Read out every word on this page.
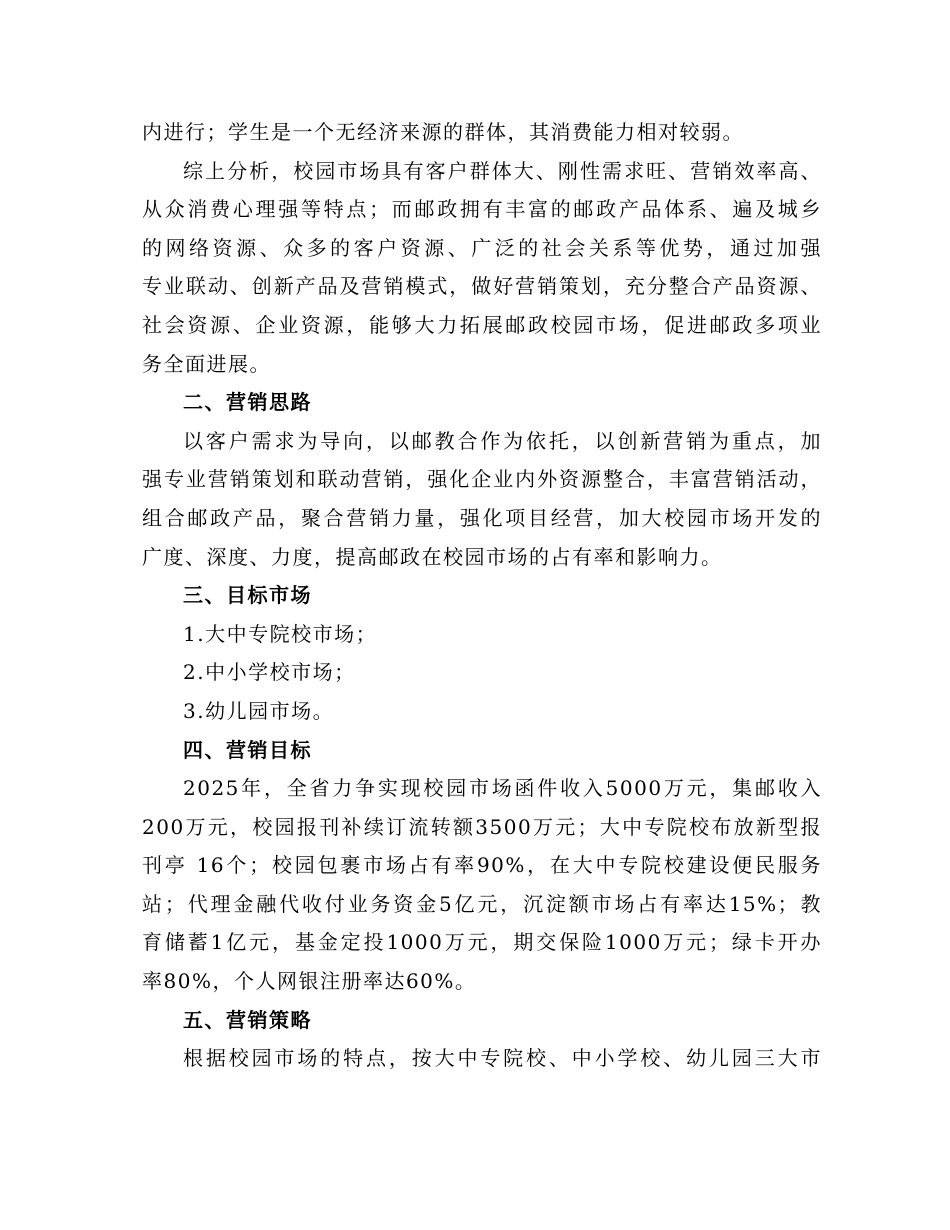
内进行；学生是一个无经济来源的群体，其消费能力相对较弱。
综上分析，校园市场具有客户群体大、刚性需求旺、营销效率高、
从众消费心理强等特点；而邮政拥有丰富的邮政产品体系、遍及城乡
的网络资源、众多的客户资源、广泛的社会关系等优势，通过加强
专业联动、创新产品及营销模式，做好营销策划，充分整合产品资源、
社会资源、企业资源，能够大力拓展邮政校园市场，促进邮政多项业
务全面进展。
二、营销思路
以客户需求为导向，以邮教合作为依托，以创新营销为重点，加
强专业营销策划和联动营销，强化企业内外资源整合，丰富营销活动，
组合邮政产品，聚合营销力量，强化项目经营，加大校园市场开发的
广度、深度、力度，提高邮政在校园市场的占有率和影响力。
三、目标市场
1.大中专院校市场；
2.中小学校市场；
3.幼儿园市场。
四、营销目标
2025年，全省力争实现校园市场函件收入5000万元，集邮收入
200万元，校园报刊补续订流转额3500万元；大中专院校布放新型报
刊亭 16个；校园包裹市场占有率90%，在大中专院校建设便民服务
站；代理金融代收付业务资金5亿元，沉淀额市场占有率达15%；教
育储蓄1亿元，基金定投1000万元，期交保险1000万元；绿卡开办
率80%，个人网银注册率达60%。
五、营销策略
根据校园市场的特点，按大中专院校、中小学校、幼儿园三大市
